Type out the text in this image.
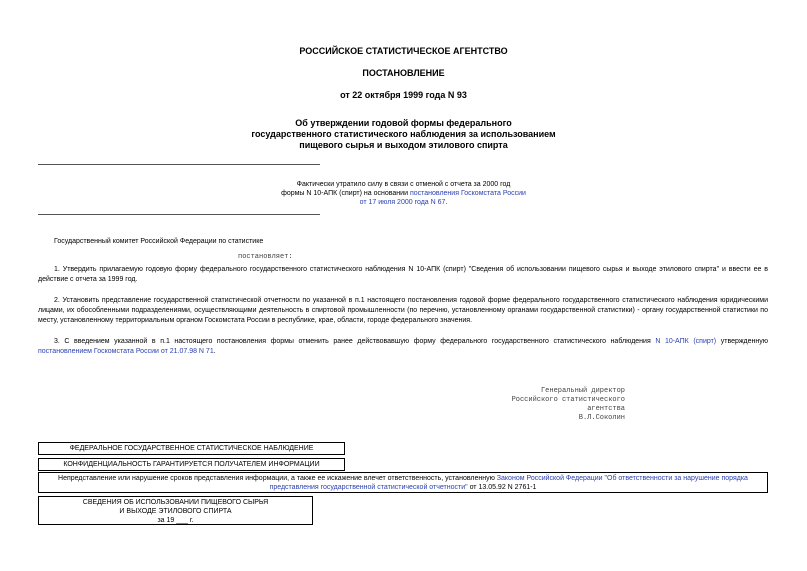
РОССИЙСКОЕ СТАТИСТИЧЕСКОЕ АГЕНТСТВО
ПОСТАНОВЛЕНИЕ
от 22 октября 1999 года N 93
Об утверждении годовой формы федерального
государственного статистического наблюдения за использованием
пищевого сырья и выходом этилового спирта
Фактически утратило силу в связи с отменой с отчета за 2000 год
формы N 10-АПК (спирт) на основании постановления Госкомстата России
от 17 июля 2000 года N 67.
Государственный комитет Российской Федерации по статистике
постановляет:
1. Утвердить прилагаемую годовую форму федерального государственного статистического наблюдения N 10-АПК (спирт) "Сведения об использовании пищевого сырья и выходе этилового спирта" и ввести ее в действие с отчета за 1999 год.
2. Установить представление государственной статистической отчетности по указанной в п.1 настоящего постановления годовой форме федерального государственного статистического наблюдения юридическими лицами, их обособленными подразделениями, осуществляющими деятельность в спиртовой промышленности (по перечню, установленному органами государственной статистики) - органу государственной статистики по месту, установленному территориальным органом Госкомстата России в республике, крае, области, городе федерального значения.
3. С введением указанной в п.1 настоящего постановления формы отменить ранее действовавшую форму федерального государственного статистического наблюдения N 10-АПК (спирт) утвержденную постановлением Госкомстата России от 21.07.98 N 71.
Генеральный директор
Российского статистического агентства
В.Л.Соколин
ФЕДЕРАЛЬНОЕ ГОСУДАРСТВЕННОЕ СТАТИСТИЧЕСКОЕ НАБЛЮДЕНИЕ
КОНФИДЕНЦИАЛЬНОСТЬ ГАРАНТИРУЕТСЯ ПОЛУЧАТЕЛЕМ ИНФОРМАЦИИ
Непредставление или нарушение сроков представления информации, а также ее искажение влечет ответственность, установленную Законом Российской Федерации "Об ответственности за нарушение порядка представления государственной статистической отчетности" от 13.05.92 N 2761-1
СВЕДЕНИЯ ОБ ИСПОЛЬЗОВАНИИ ПИЩЕВОГО СЫРЬЯ
И ВЫХОДЕ ЭТИЛОВОГО СПИРТА
за 19 ___ г.
